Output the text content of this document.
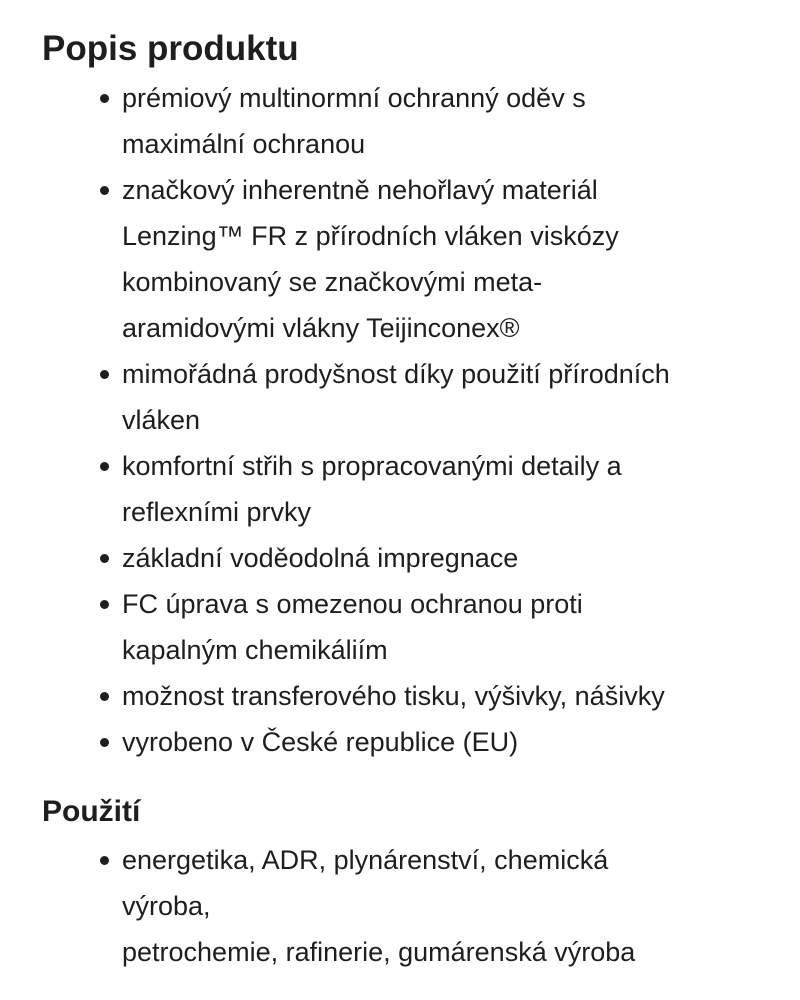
Popis produktu
prémiový multinormní ochranný oděv s
maximální ochranou
značkový inherentně nehořlavý materiál
Lenzing™ FR z přírodních vláken viskózy
kombinovaný se značkovými meta-
aramidovými vlákny Teijinconex®
mimořádná prodyšnost díky použití přírodních
vláken
komfortní střih s propracovanými detaily a
reflexními prvky
základní voděodolná impregnace
FC úprava s omezenou ochranou proti
kapalným chemikáliím
možnost transferového tisku, výšivky, nášivky
vyrobeno v České republice (EU)
Použití
energetika, ADR, plynárenství, chemická
výroba,
petrochemie, rafinerie, gumárenská výroba
